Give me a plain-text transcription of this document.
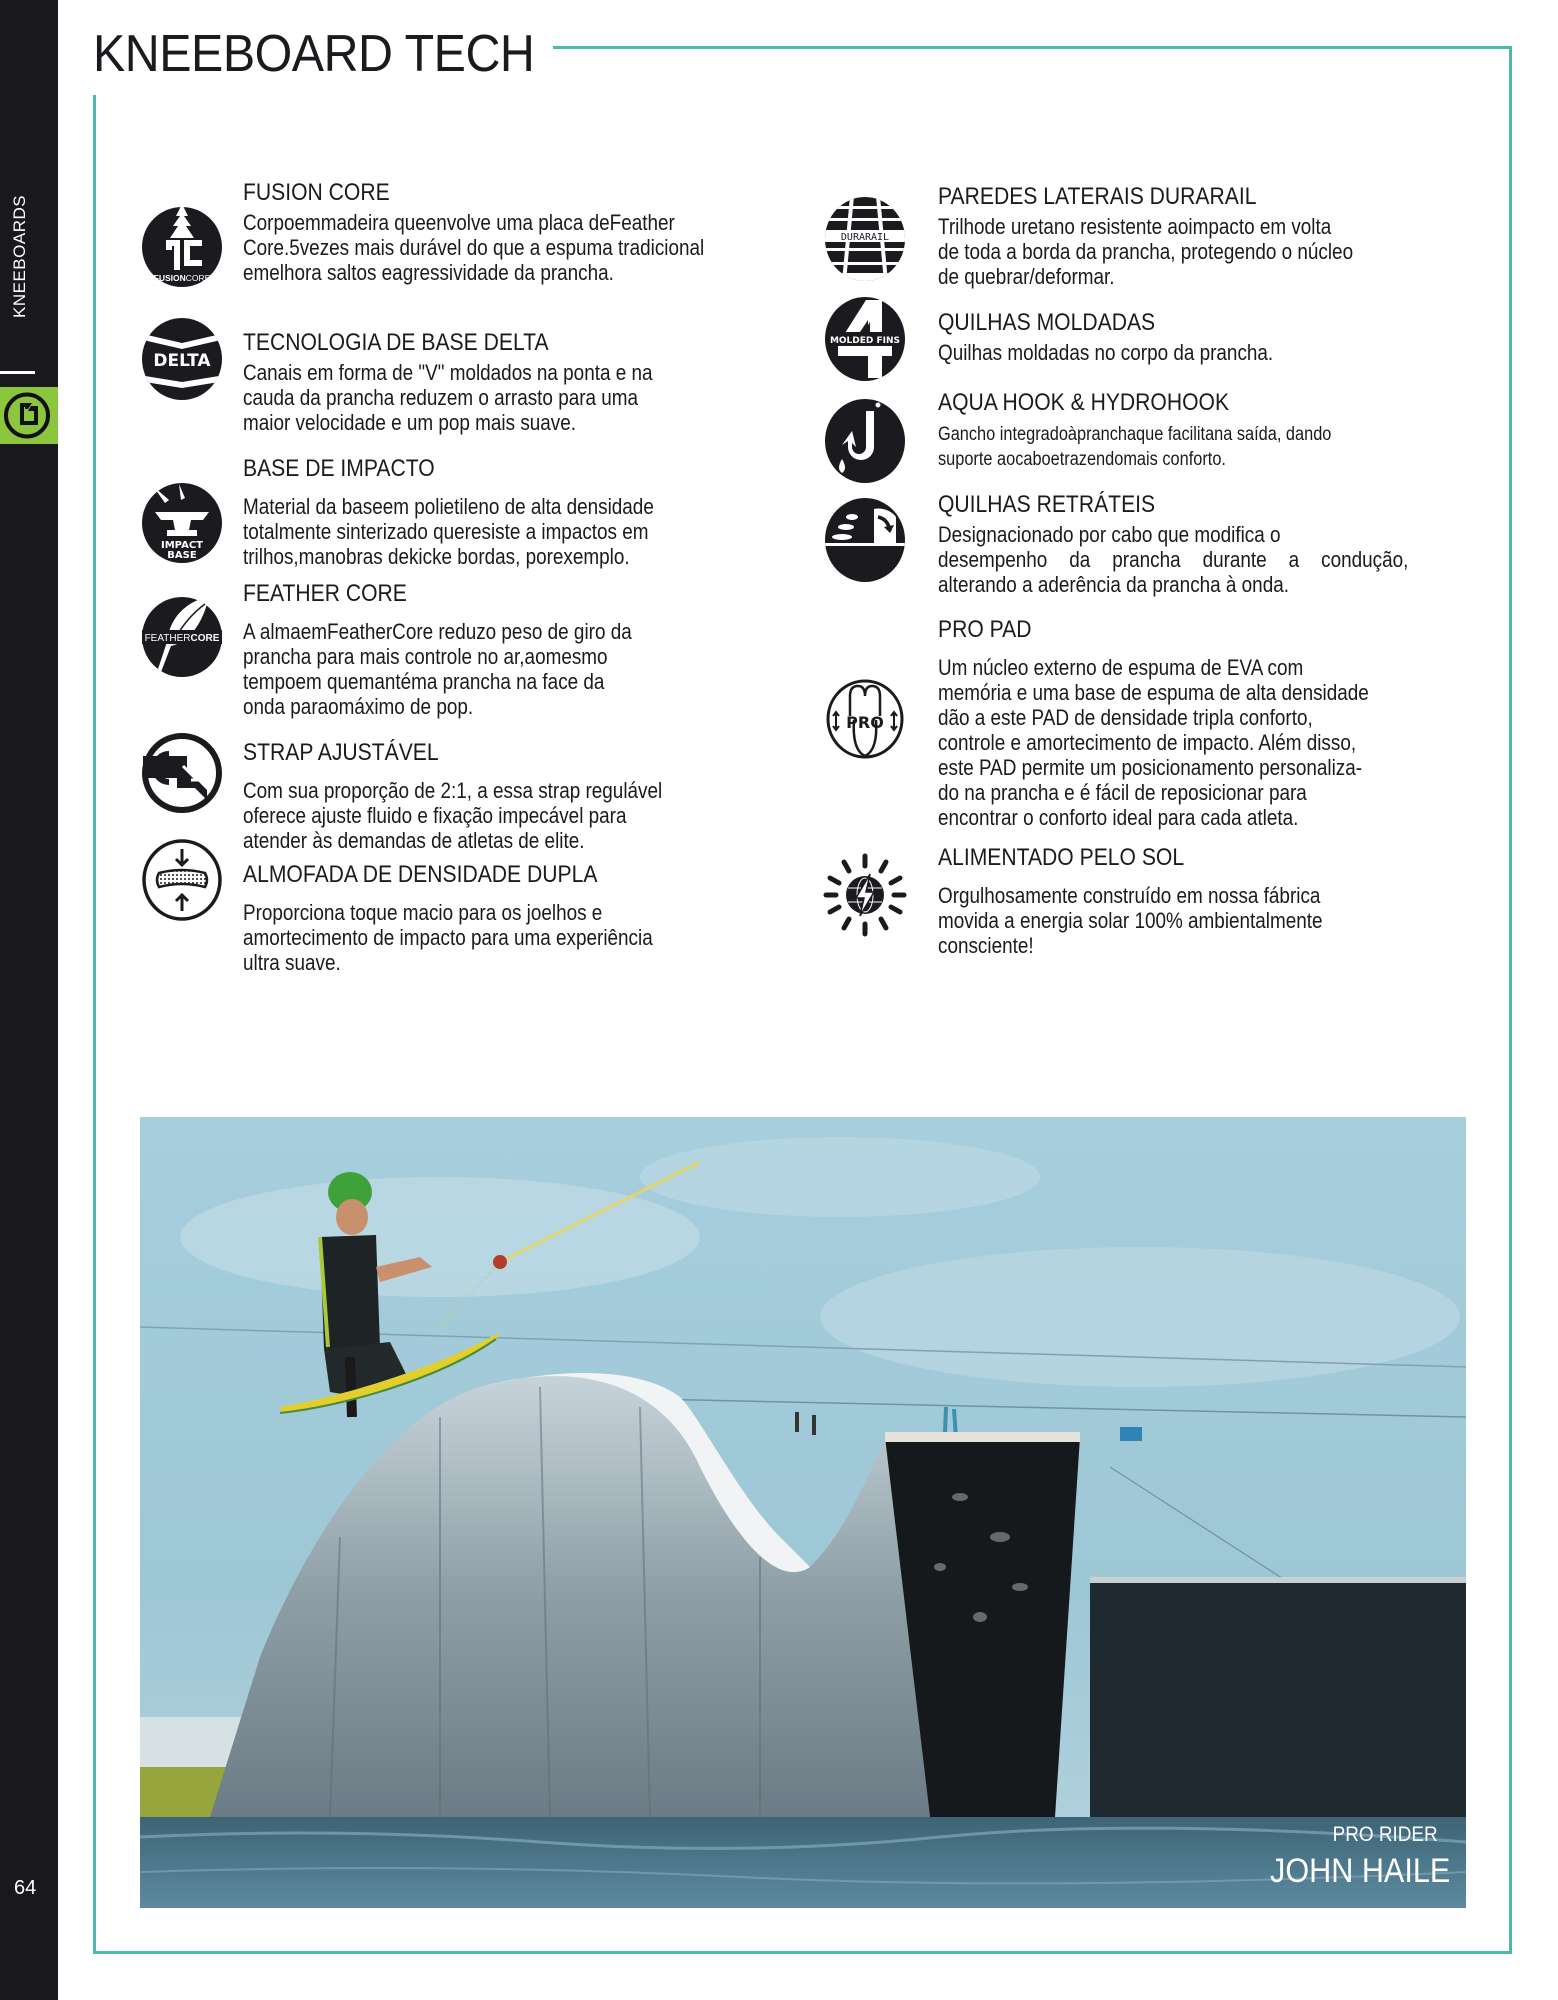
KNEEBOARDS
64
KNEEBOARD TECH
FUSIONCORE
FUSION CORE
Corpoemmadeira queenvolve uma placa deFeather
Core.5vezes mais durável do que a espuma tradicional
emelhora saltos eagressividade da prancha.
DELTA
TECNOLOGIA DE BASE DELTA
Canais em forma de "V" moldados na ponta e na
cauda da prancha reduzem o arrasto para uma
maior velocidade e um pop mais suave.
IMPACT
BASE
BASE DE IMPACTO
Material da baseem polietileno de alta densidade
totalmente sinterizado queresiste a impactos em
trilhos,manobras dekicke bordas, porexemplo.
FEATHERCORE
FEATHER CORE
A almaemFeatherCore reduzo peso de giro da
prancha para mais controle no ar,aomesmo
tempoem quemantéma prancha na face da
onda paraomáximo de pop.
STRAP AJUSTÁVEL
Com sua proporção de 2:1, a essa strap regulável
oferece ajuste fluido e fixação impecável para
atender às demandas de atletas de elite.
ALMOFADA DE DENSIDADE DUPLA
Proporciona toque macio para os joelhos e
amortecimento de impacto para uma experiência
ultra suave.
DURARAIL
PAREDES LATERAIS DURARAIL
Trilhode uretano resistente aoimpacto em volta
de toda a borda da prancha, protegendo o núcleo
de quebrar/deformar.
MOLDED FINS
QUILHAS MOLDADAS
Quilhas moldadas no corpo da prancha.
AQUA HOOK & HYDROHOOK
Gancho integradoàpranchaque facilitana saída, dando
suporte aocaboetrazendomais conforto.
QUILHAS RETRÁTEIS
Designacionado por cabo que modifica o
desempenho da prancha durante a condução,
alterando a aderência da prancha à onda.
PRO
PRO PAD
Um núcleo externo de espuma de EVA com
memória e uma base de espuma de alta densidade
dão a este PAD de densidade tripla conforto,
controle e amortecimento de impacto. Além disso,
este PAD permite um posicionamento personaliza-
do na prancha e é fácil de reposicionar para
encontrar o conforto ideal para cada atleta.
ALIMENTADO PELO SOL
Orgulhosamente construído em nossa fábrica
movida a energia solar 100% ambientalmente
consciente!
PRO RIDER
JOHN HAILE
